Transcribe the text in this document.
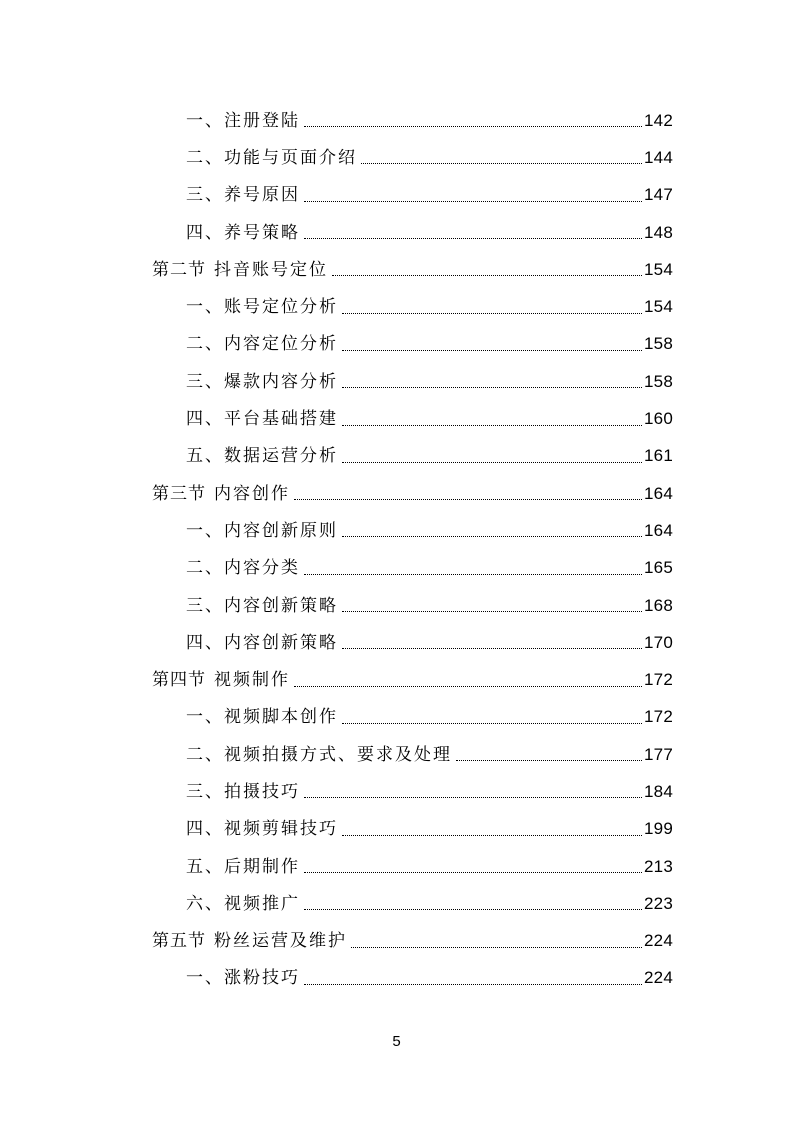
一、注册登陆	142
二、功能与页面介绍	144
三、养号原因	147
四、养号策略	148
第二节 抖音账号定位	154
一、账号定位分析	154
二、内容定位分析	158
三、爆款内容分析	158
四、平台基础搭建	160
五、数据运营分析	161
第三节 内容创作	164
一、内容创新原则	164
二、内容分类	165
三、内容创新策略	168
四、内容创新策略	170
第四节 视频制作	172
一、视频脚本创作	172
二、视频拍摄方式、要求及处理	177
三、拍摄技巧	184
四、视频剪辑技巧	199
五、后期制作	213
六、视频推广	223
第五节 粉丝运营及维护	224
一、涨粉技巧	224
5
